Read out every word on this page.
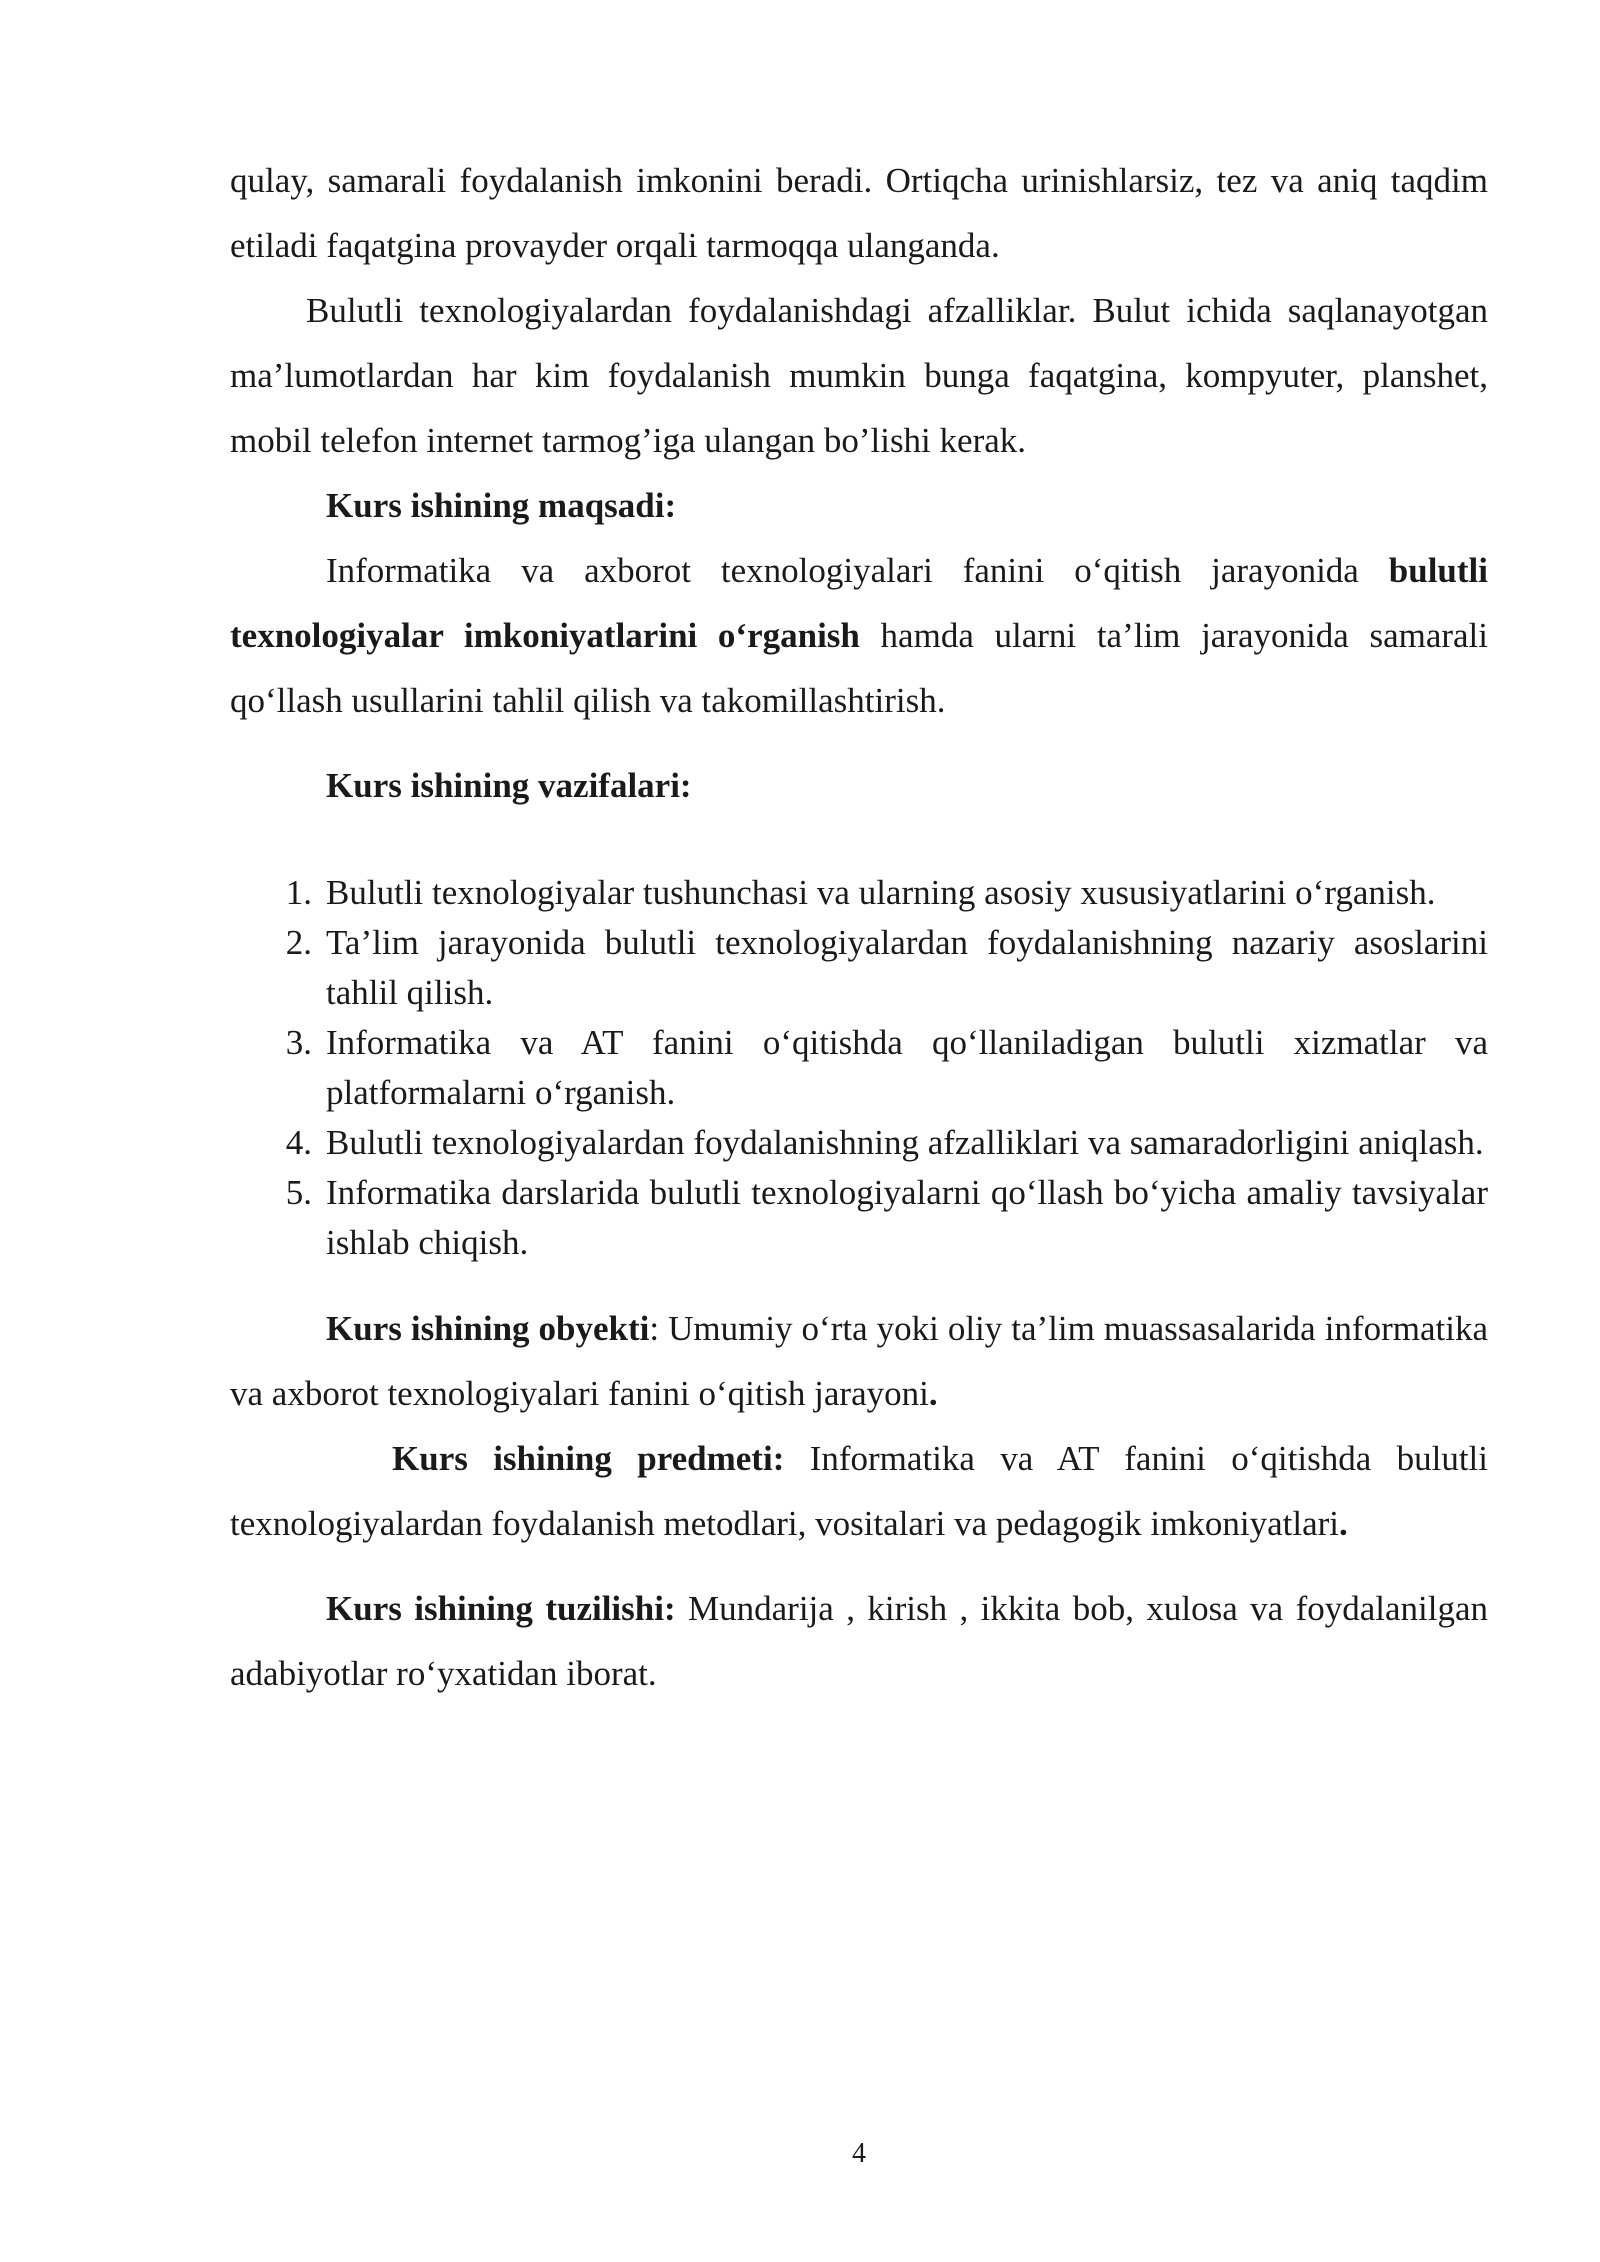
qulay, samarali foydalanish imkonini beradi. Ortiqcha urinishlarsiz, tez va aniq taqdim etiladi faqatgina provayder orqali tarmoqqa ulanganda.

Bulutli texnologiyalardan foydalanishdagi afzalliklar. Bulut ichida saqlanayotgan ma’lumotlardan har kim foydalanish mumkin bunga faqatgina, kompyuter, planshet, mobil telefon internet tarmog’iga ulangan bo’lishi kerak.

Kurs ishining maqsadi:

Informatika va axborot texnologiyalari fanini o‘qitish jarayonida bulutli texnologiyalar imkoniyatlarini o‘rganish hamda ularni ta’lim jarayonida samarali qo‘llash usullarini tahlil qilish va takomillashtirish.

Kurs ishining vazifalari:

1. Bulutli texnologiyalar tushunchasi va ularning asosiy xususiyatlarini o‘rganish.
2. Ta’lim jarayonida bulutli texnologiyalardan foydalanishning nazariy asoslarini tahlil qilish.
3. Informatika va AT fanini o‘qitishda qo‘llaniladigan bulutli xizmatlar va platformalarni o‘rganish.
4. Bulutli texnologiyalardan foydalanishning afzalliklari va samaradorligini aniqlash.
5. Informatika darslarida bulutli texnologiyalarni qo‘llash bo‘yicha amaliy tavsiyalar ishlab chiqish.

Kurs ishining obyekti: Umumiy o‘rta yoki oliy ta’lim muassasalarida informatika va axborot texnologiyalari fanini o‘qitish jarayoni.

Kurs ishining predmeti: Informatika va AT fanini o‘qitishda bulutli texnologiyalardan foydalanish metodlari, vositalari va pedagogik imkoniyatlari.

Kurs ishining tuzilishi: Mundarija , kirish , ikkita bob, xulosa va foydalanilgan adabiyotlar ro‘yxatidan iborat.

4
